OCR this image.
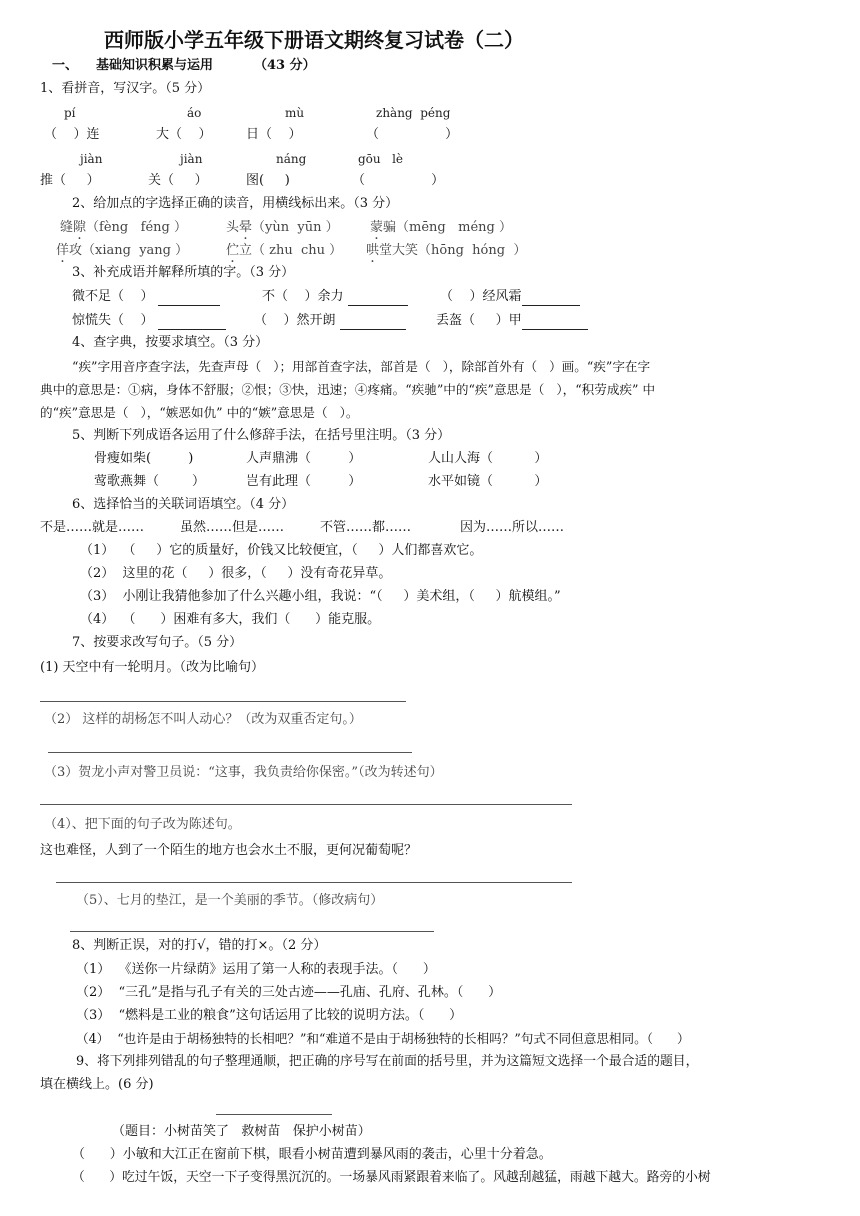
西师版小学五年级下册语文期终复习试卷（二）
一、 基础知识积累与运用	（43 分）
1、看拼音，写汉字。（5 分）
pí	áo	mù	zhàng  péng
（    ）连	大（    ）	日（    ）	（                ）
jiàn	jiàn	náng	gōu   lè
推（     ）	关（     ）	图(     )	（                ）
2、给加点的字选择正确的读音，用横线标出来。（3 分）
缝隙（fèng   féng ）	头晕（yùn  yūn ） 蒙骗（mēng   méng ）
佯攻（xiang  yang ）	伫立（ zhu  chu ） 哄堂大笑（hōng  hóng  ）
3、补充成语并解释所填的字。（3 分）
微不足（    ）	不（    ）余力	（    ）经风霜
惊慌失（    ）	（    ）然开朗	丢盔（     ）甲
4、查字典，按要求填空。（3 分）
“疾”字用音序查字法，先查声母（   ）；用部首查字法，部首是（   ），除部首外有（   ）画。“疾”字在字
典中的意思是：①病，身体不舒服；②恨；③快，迅速；④疼痛。“疾驰”中的“疾”意思是（   ），“积劳成疾” 中
的“疾”意思是（   ），“嫉恶如仇” 中的“嫉”意思是（   ）。
5、判断下列成语各运用了什么修辞手法，在括号里注明。（3 分）
骨瘦如柴(         )	人声鼎沸（         ）	人山人海（          ）
莺歌燕舞（        ）	岂有此理（         ）	水平如镜（          ）
6、选择恰当的关联词语填空。（4 分）
不是……就是……	虽然……但是……	不管……都……	因为……所以……
（1）  （     ）它的质量好，价钱又比较便宜，（     ）人们都喜欢它。
（2）  这里的花（     ）很多，（     ）没有奇花异草。
（3）  小刚让我猜他参加了什么兴趣小组，我说：“（     ）美术组，（     ）航模组。”
（4）  （      ）困难有多大，我们（      ）能克服。
7、按要求改写句子。（5 分）
(1) 天空中有一轮明月。（改为比喻句）
（2） 这样的胡杨怎不叫人动心？（改为双重否定句。）
（3）贺龙小声对警卫员说：“这事，我负责给你保密。”（改为转述句）
（4）、把下面的句子改为陈述句。
这也难怪，人到了一个陌生的地方也会水土不服，更何况葡萄呢？
（5）、七月的垫江，是一个美丽的季节。（修改病句）
8、判断正误，对的打√，错的打×。（2 分）
（1）  《送你一片绿荫》运用了第一人称的表现手法。（      ）
（2）  “三孔”是指与孔子有关的三处古迹——孔庙、孔府、孔林。（      ）
（3）  “燃料是工业的粮食”这句话运用了比较的说明方法。（      ）
（4）  “也许是由于胡杨独特的长相吧？”和“难道不是由于胡杨独特的长相吗？”句式不同但意思相同。（      ）
9、将下列排列错乱的句子整理通顺，把正确的序号写在前面的括号里，并为这篇短文选择一个最合适的题目，
填在横线上。(6 分)
（题目：小树苗笑了   救树苗   保护小树苗）
（      ）小敏和大江正在窗前下棋，眼看小树苗遭到暴风雨的袭击，心里十分着急。
（      ）吃过午饭，天空一下子变得黑沉沉的。一场暴风雨紧跟着来临了。风越刮越猛，雨越下越大。路旁的小树
